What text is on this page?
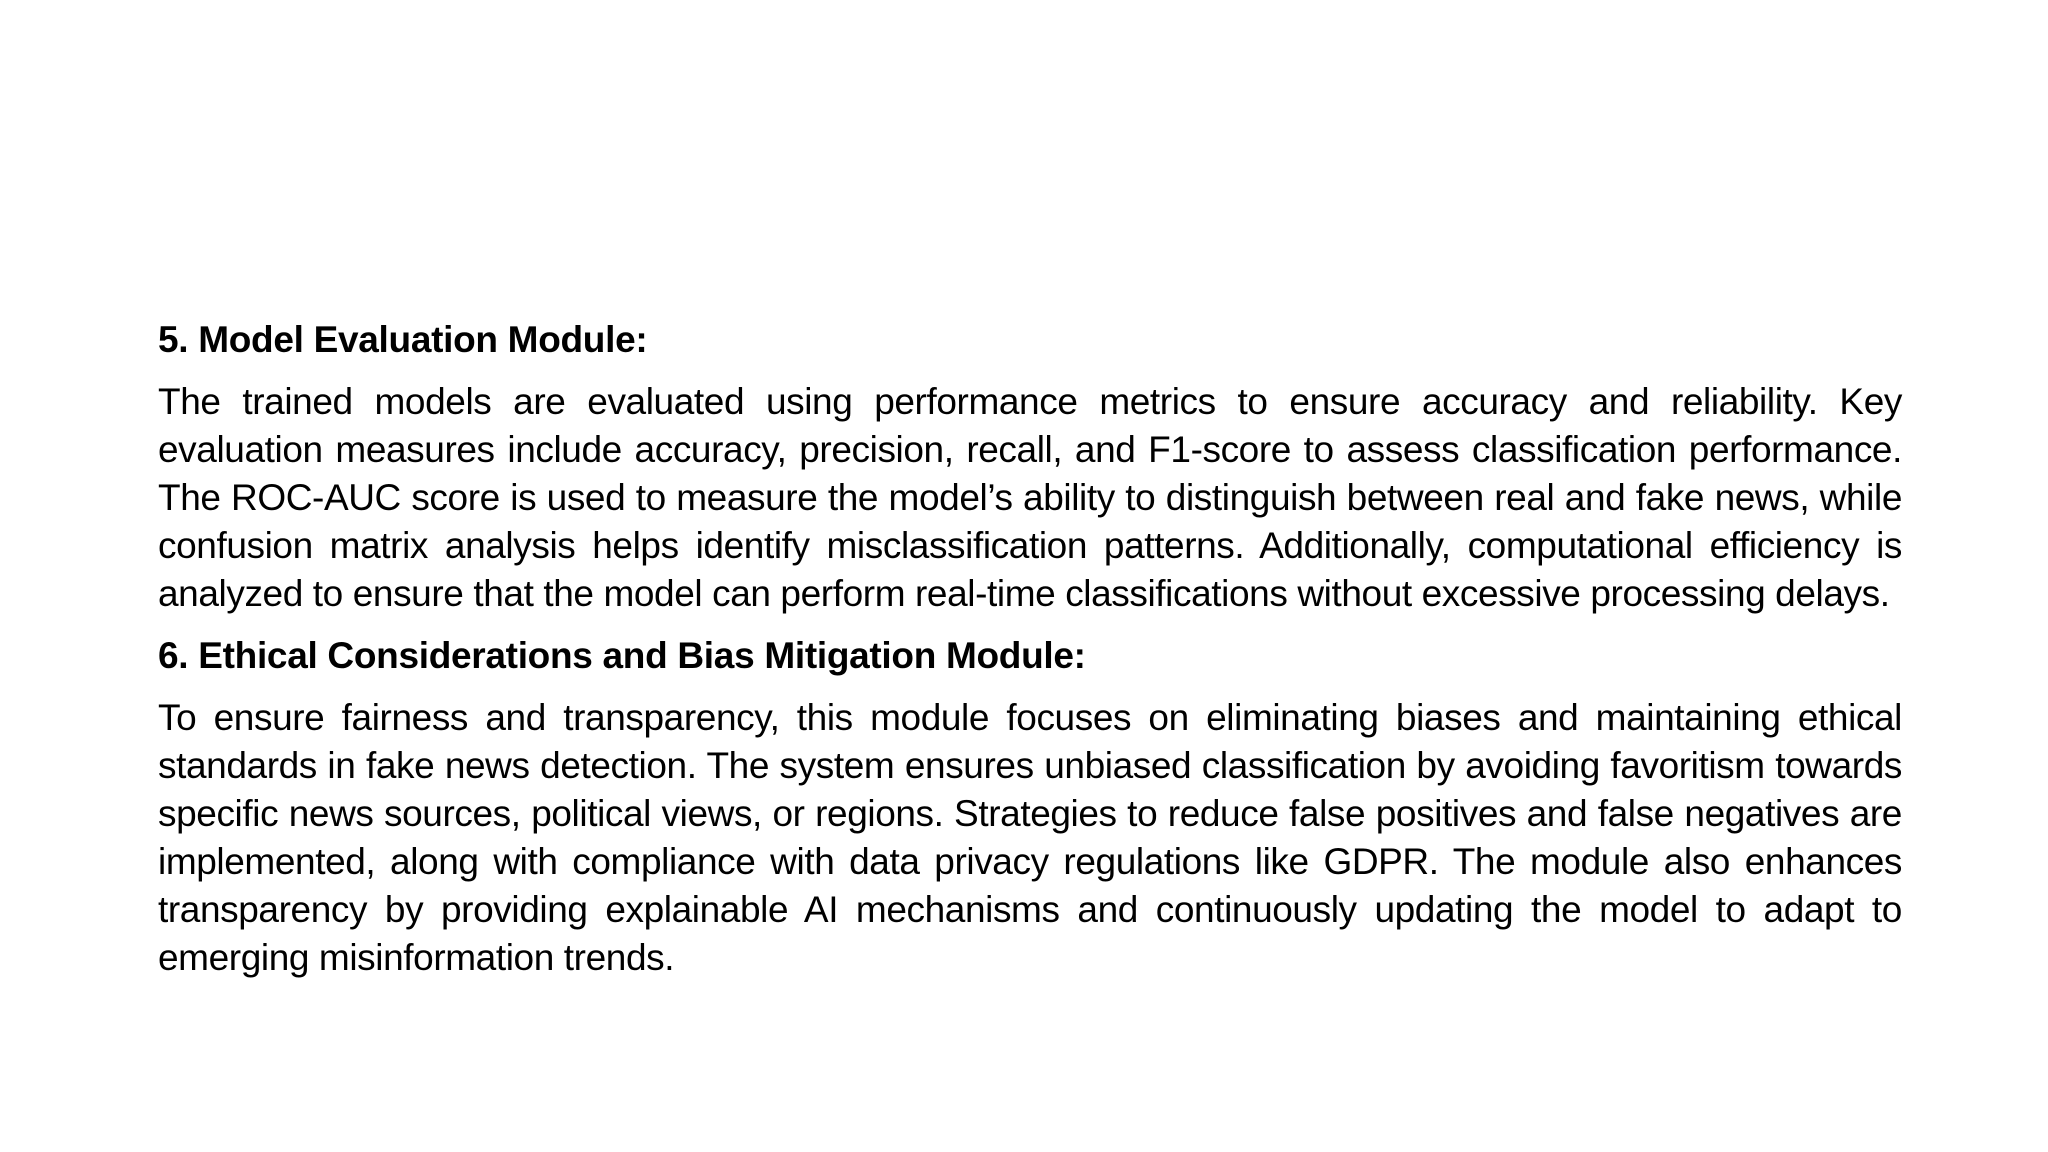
5. Model Evaluation Module:
The trained models are evaluated using performance metrics to ensure accuracy and reliability. Key evaluation measures include accuracy, precision, recall, and F1-score to assess classification performance. The ROC-AUC score is used to measure the model’s ability to distinguish between real and fake news, while confusion matrix analysis helps identify misclassification patterns. Additionally, computational efficiency is analyzed to ensure that the model can perform real-time classifications without excessive processing delays.
6. Ethical Considerations and Bias Mitigation Module:
To ensure fairness and transparency, this module focuses on eliminating biases and maintaining ethical standards in fake news detection. The system ensures unbiased classification by avoiding favoritism towards specific news sources, political views, or regions. Strategies to reduce false positives and false negatives are implemented, along with compliance with data privacy regulations like GDPR. The module also enhances transparency by providing explainable AI mechanisms and continuously updating the model to adapt to emerging misinformation trends.
